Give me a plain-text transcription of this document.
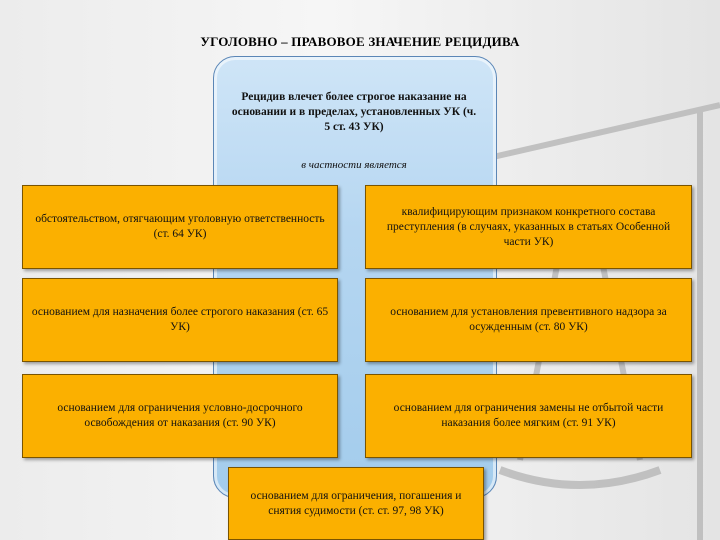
УГОЛОВНО – ПРАВОВОЕ ЗНАЧЕНИЕ РЕЦИДИВА
Рецидив влечет более строгое наказание на основании и в пределах, установленных УК (ч. 5 ст. 43 УК)
в частности является
обстоятельством, отягчающим уголовную ответственность (ст. 64 УК)
квалифицирующим признаком конкретного состава преступления (в случаях, указанных в статьях Особенной части УК)
основанием для назначения более строгого наказания (ст. 65 УК)
основанием для установления превентивного надзора за осужденным (ст. 80 УК)
основанием для ограничения условно-досрочного освобождения от наказания (ст. 90 УК)
основанием для ограничения замены не отбытой части наказания более мягким (ст. 91 УК)
основанием для ограничения, погашения и снятия судимости (ст. ст. 97, 98 УК)
